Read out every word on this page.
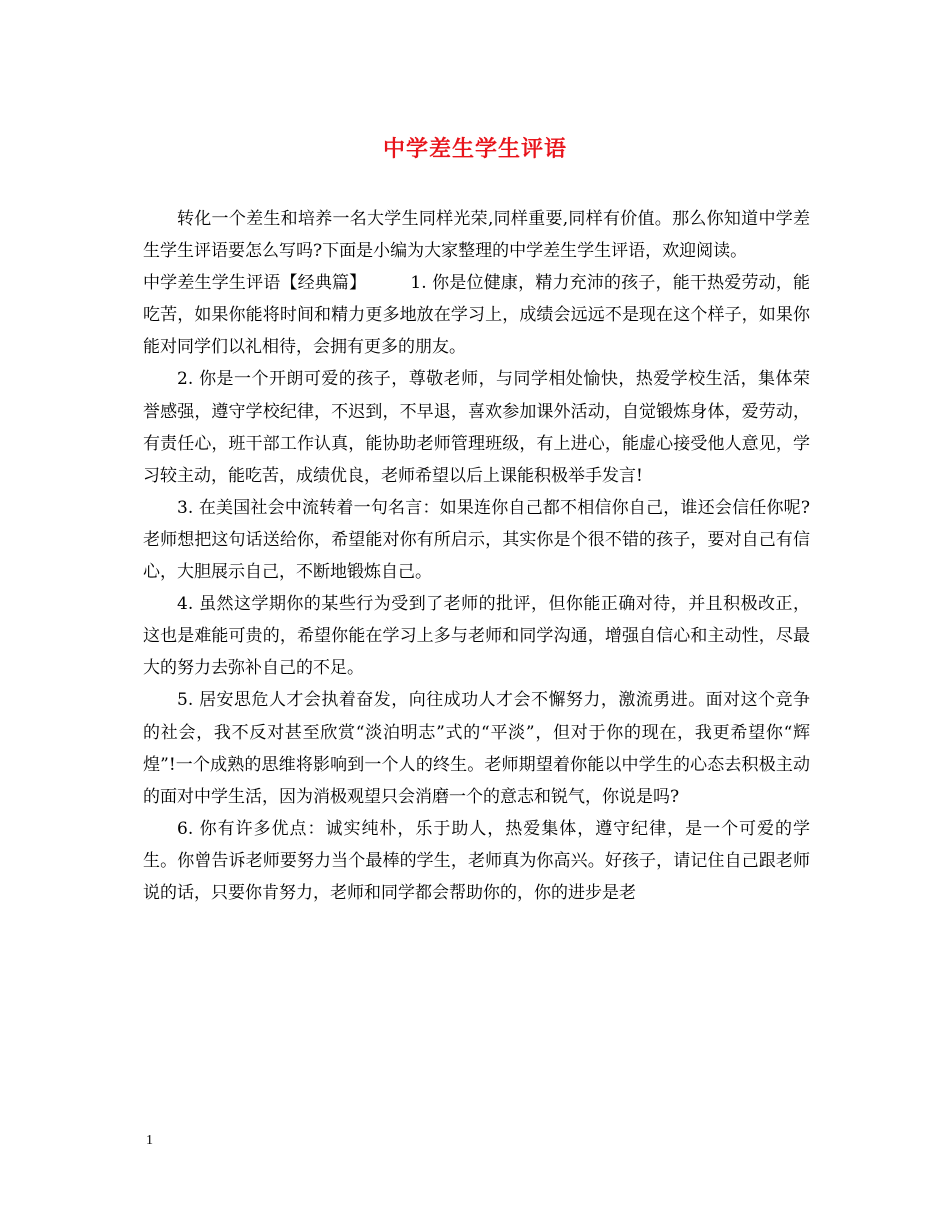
中学差生学生评语

转化一个差生和培养一名大学生同样光荣,同样重要,同样有价值。那么你知道中学差生学生评语要怎么写吗?下面是小编为大家整理的中学差生学生评语，欢迎阅读。

中学差生学生评语【经典篇】	1. 你是位健康，精力充沛的孩子，能干热爱劳动，能吃苦，如果你能将时间和精力更多地放在学习上，成绩会远远不是现在这个样子，如果你能对同学们以礼相待，会拥有更多的朋友。

2. 你是一个开朗可爱的孩子，尊敬老师，与同学相处愉快，热爱学校生活，集体荣誉感强，遵守学校纪律，不迟到，不早退，喜欢参加课外活动，自觉锻炼身体，爱劳动，有责任心，班干部工作认真，能协助老师管理班级，有上进心，能虚心接受他人意见，学习较主动，能吃苦，成绩优良，老师希望以后上课能积极举手发言!

3. 在美国社会中流转着一句名言：如果连你自己都不相信你自己，谁还会信任你呢?老师想把这句话送给你，希望能对你有所启示，其实你是个很不错的孩子，要对自己有信心，大胆展示自己，不断地锻炼自己。

4. 虽然这学期你的某些行为受到了老师的批评，但你能正确对待，并且积极改正，这也是难能可贵的，希望你能在学习上多与老师和同学沟通，增强自信心和主动性，尽最大的努力去弥补自己的不足。

5. 居安思危人才会执着奋发，向往成功人才会不懈努力，激流勇进。面对这个竞争的社会，我不反对甚至欣赏“淡泊明志”式的“平淡”，但对于你的现在，我更希望你“辉煌”!一个成熟的思维将影响到一个人的终生。老师期望着你能以中学生的心态去积极主动的面对中学生活，因为消极观望只会消磨一个的意志和锐气，你说是吗?

6. 你有许多优点：诚实纯朴，乐于助人，热爱集体，遵守纪律，是一个可爱的学生。你曾告诉老师要努力当个最棒的学生，老师真为你高兴。好孩子，请记住自己跟老师说的话，只要你肯努力，老师和同学都会帮助你的，你的进步是老

1
